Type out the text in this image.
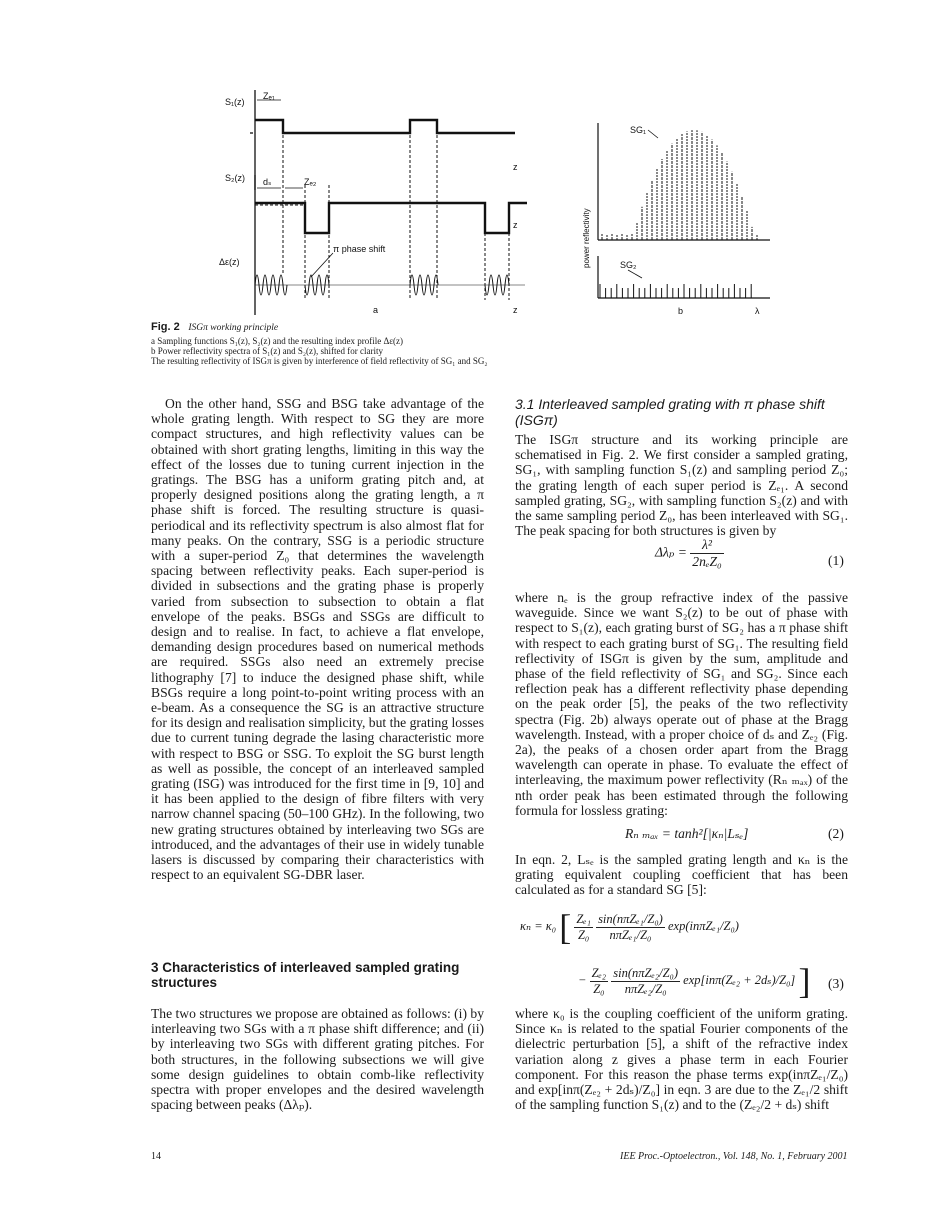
S₁(z)
Zₑ₁
S₂(z) dₛ	Zₑ₂
z
z
z
Δε(z)
π phase shift
a
SG₁
SG₂
power reflectivity
b	λ
Fig. 2 ISGπ working principle
a Sampling functions S₁(z), S₂(z) and the resulting index profile Δε(z)
b Power reflectivity spectra of S₁(z) and S₂(z), shifted for clarity
The resulting reflectivity of ISGπ is given by interference of field reflectivity of SG₁ and SG₂

On the other hand, SSG and BSG take advantage of the whole grating length. With respect to SG they are more compact structures, and high reflectivity values can be obtained with short grating lengths, limiting in this way the effect of the losses due to tuning current injection in the gratings. The BSG has a uniform grating pitch and, at properly designed positions along the grating length, a π phase shift is forced. The resulting structure is quasi-periodical and its reflectivity spectrum is also almost flat for many peaks. On the contrary, SSG is a periodic structure with a super-period Z₀ that determines the wavelength spacing between reflectivity peaks. Each super-period is divided in subsections and the grating phase is properly varied from subsection to subsection to obtain a flat envelope of the peaks. BSGs and SSGs are difficult to design and to realise. In fact, to achieve a flat envelope, demanding design procedures based on numerical methods are required. SSGs also need an extremely precise lithography [7] to induce the designed phase shift, while BSGs require a long point-to-point writing process with an e-beam. As a consequence the SG is an attractive structure for its design and realisation simplicity, but the grating losses due to current tuning degrade the lasing characteristic more with respect to BSG or SSG. To exploit the SG burst length as well as possible, the concept of an interleaved sampled grating (ISG) was introduced for the first time in [9, 10] and it has been applied to the design of fibre filters with very narrow channel spacing (50–100 GHz). In the following, two new grating structures obtained by interleaving two SGs are introduced, and the advantages of their use in widely tunable lasers is discussed by comparing their characteristics with respect to an equivalent SG-DBR laser.

3 Characteristics of interleaved sampled grating structures

The two structures we propose are obtained as follows: (i) by interleaving two SGs with a π phase shift difference; and (ii) by interleaving two SGs with different grating pitches. For both structures, in the following subsections we will give some design guidelines to obtain comb-like reflectivity spectra with proper envelopes and the desired wavelength spacing between peaks (Δλₚ).

3.1 Interleaved sampled grating with π phase shift (ISGπ)

The ISGπ structure and its working principle are schematised in Fig. 2. We first consider a sampled grating, SG₁, with sampling function S₁(z) and sampling period Z₀; the grating length of each super period is Zₑ₁. A second sampled grating, SG₂, with sampling function S₂(z) and with the same sampling period Z₀, has been interleaved with SG₁. The peak spacing for both structures is given by

$\Delta\lambda_p = \frac{\text{λ²}}{\text{2nₑZ₀}}$	(1)

where nₑ is the group refractive index of the passive waveguide. Since we want S₂(z) to be out of phase with respect to S₁(z), each grating burst of SG₂ has a π phase shift with respect to each grating burst of SG₁. The resulting field reflectivity of ISGπ is given by the sum, amplitude and phase of the field reflectivity of SG₁ and SG₂. Since each reflection peak has a different reflectivity phase depending on the peak order [5], the peaks of the two reflectivity spectra (Fig. 2b) always operate out of phase at the Bragg wavelength. Instead, with a proper choice of dₛ and Zₑ₂ (Fig. 2a), the peaks of a chosen order apart from the Bragg wavelength can operate in phase. To evaluate the effect of interleaving, the maximum power reflectivity (Rₙ ₘₐₓ) of the nth order peak has been estimated through the following formula for lossless grating:

Rₙ ₘₐₓ = tanh²[|κₙ|Lₛₑ]	(2)

In eqn. 2, Lₛₑ is the sampled grating length and κₙ is the grating equivalent coupling coefficient that has been calculated as for a standard SG [5]:

κₙ = κ₀ [ $\frac{\text{Zₑ₁}}{\text{Z₀}}$
$\frac{\text{sin(nπZₑ₁/Z₀)}}{\text{nπZₑ₁/Z₀}} \exp(in\pi Z_{e1}/Z_0)$
− $\frac{\text{Zₑ₂}}{\text{Z₀}}$
$\frac{\text{sin(nπZₑ₂/Z₀)}}{\text{nπZₑ₂/Z₀}} \exp[in\pi(Z_{e2} + 2d_s)/Z_0]$ ] (3)

where κ₀ is the coupling coefficient of the uniform grating. Since κₙ is related to the spatial Fourier components of the dielectric perturbation [5], a shift of the refractive index variation along z gives a phase term in each Fourier component. For this reason the phase terms exp(inπZₑ₁/Z₀) and exp[inπ(Zₑ₂ + 2dₛ)/Z₀] in eqn. 3 are due to the Zₑ₁/2 shift of the sampling function S₁(z) and to the (Zₑ₂/2 + dₛ) shift

14	IEE Proc.-Optoelectron., Vol. 148, No. 1, February 2001
